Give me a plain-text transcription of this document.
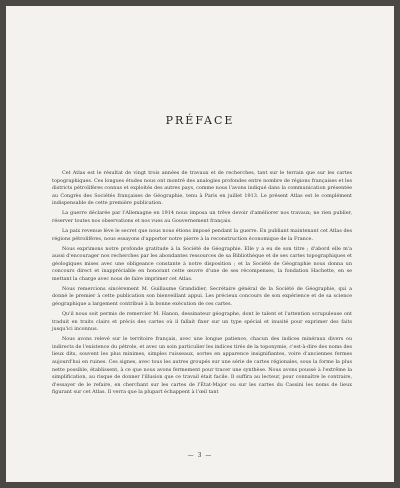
PRÉFACE

Cet Atlas est le résultat de vingt trois années de travaux et de recherches, tant sur le terrain que sur les cartes topographiques. Ces longues études nous ont montré des analogies profondes entre nombre de régions françaises et les districts pétrolifères connus et exploités des autres pays, comme nous l'avons indiqué dans la communication présentée au Congrès des Sociétés françaises de Géographie, tenu à Paris en juillet 1913. Le présent Atlas est le complément indispensable de cette première publication.

La guerre déclarée par l'Allemagne en 1914 nous imposa un trêve devoir d'améliorer nos travaux; ne rien publier, réserver toutes nos observations et nos vues au Gouvernement français.

La paix revenue lève le secret que nous nous étions imposé pendant la guerre. En publiant maintenant cet Atlas des régions pétrolifères, nous essayons d'apporter notre pierre à la reconstruction économique de la France.

Nous exprimons notre profonde gratitude à la Société de Géographie. Elle y a eu de son titre ; d'abord elle m'a aussi d'encourager nos recherches par les abondantes ressources de sa Bibliothèque et de ses cartes topographiques et géologiques mises avec une obligeance constante à notre disposition ; et la Société de Géographie nous donna un concours direct et inappréciable en honorant cette œuvre d'une de ses récompenses, la fondation Hachette, en se mettant la charge avec nous de faire imprimer cet Atlas.

Nous remercions sincèrement M. Guillaume Grandidier, Secrétaire général de la Société de Géographie, qui a donné le premier à cette publication son bienveillant appui. Les précieux concours de son expérience et de sa science géographique a largement contribué à la bonne exécution de ces cartes.

Qu'il nous soit permis de remercier M. Hanon, dessinateur géographe, dont le talent et l'attention scrupuleuse ont traduit en traits clairs et précis des cartes où il fallait fixer sur un type spécial et inusité pour exprimer des faits jusqu'ici inconnus.

Nous avons relevé sur le territoire français, avec une longue patience, chacun des indices minéraux divers ou indirects de l'existence du pétrole, et avec un soin particulier les indices tirés de la toponymie, c'est-à-dire des noms des lieux dits, souvent les plus minimes, simples ruisseaux, sortes en apparence insignifiantes, voire d'anciennes fermes aujourd'hui en ruines. Ces signes, avec tous les autres groupés sur une série de cartes régionales, sous la forme la plus nette possible, établissent, à ce que nous avons fermement pour tracer une synthèse. Nous avons poussé à l'extrême la simplification, au risque de donner l'illusion que ce travail était facile. Il suffira au lecteur, pour connaître le contraire, d'essayer de le refaire, en cherchant sur les cartes de l'État-Major ou sur les cartes du Cassini les noms de lieux figurant sur cet Atlas. Il verra que la plupart échappent à l'œil tant

— 3 —
